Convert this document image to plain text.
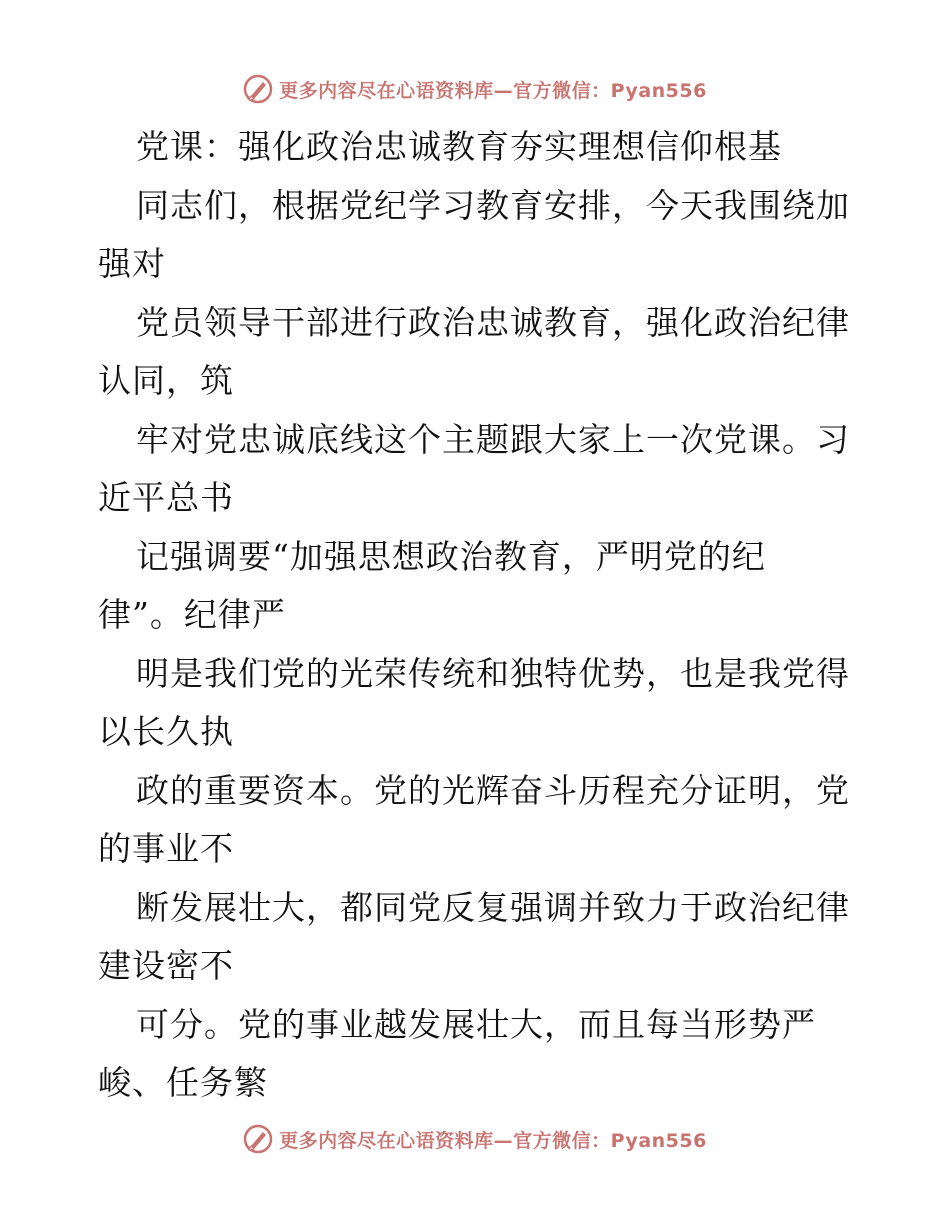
更多内容尽在心语资料库—官方微信：Pyan556
党课：强化政治忠诚教育夯实理想信仰根基
同志们，根据党纪学习教育安排，今天我围绕加
强对
党员领导干部进行政治忠诚教育，强化政治纪律
认同，筑
牢对党忠诚底线这个主题跟大家上一次党课。习
近平总书
记强调要“加强思想政治教育，严明党的纪
律”。纪律严
明是我们党的光荣传统和独特优势，也是我党得
以长久执
政的重要资本。党的光辉奋斗历程充分证明，党
的事业不
断发展壮大，都同党反复强调并致力于政治纪律
建设密不
可分。党的事业越发展壮大，而且每当形势严
峻、任务繁
更多内容尽在心语资料库—官方微信：Pyan556
